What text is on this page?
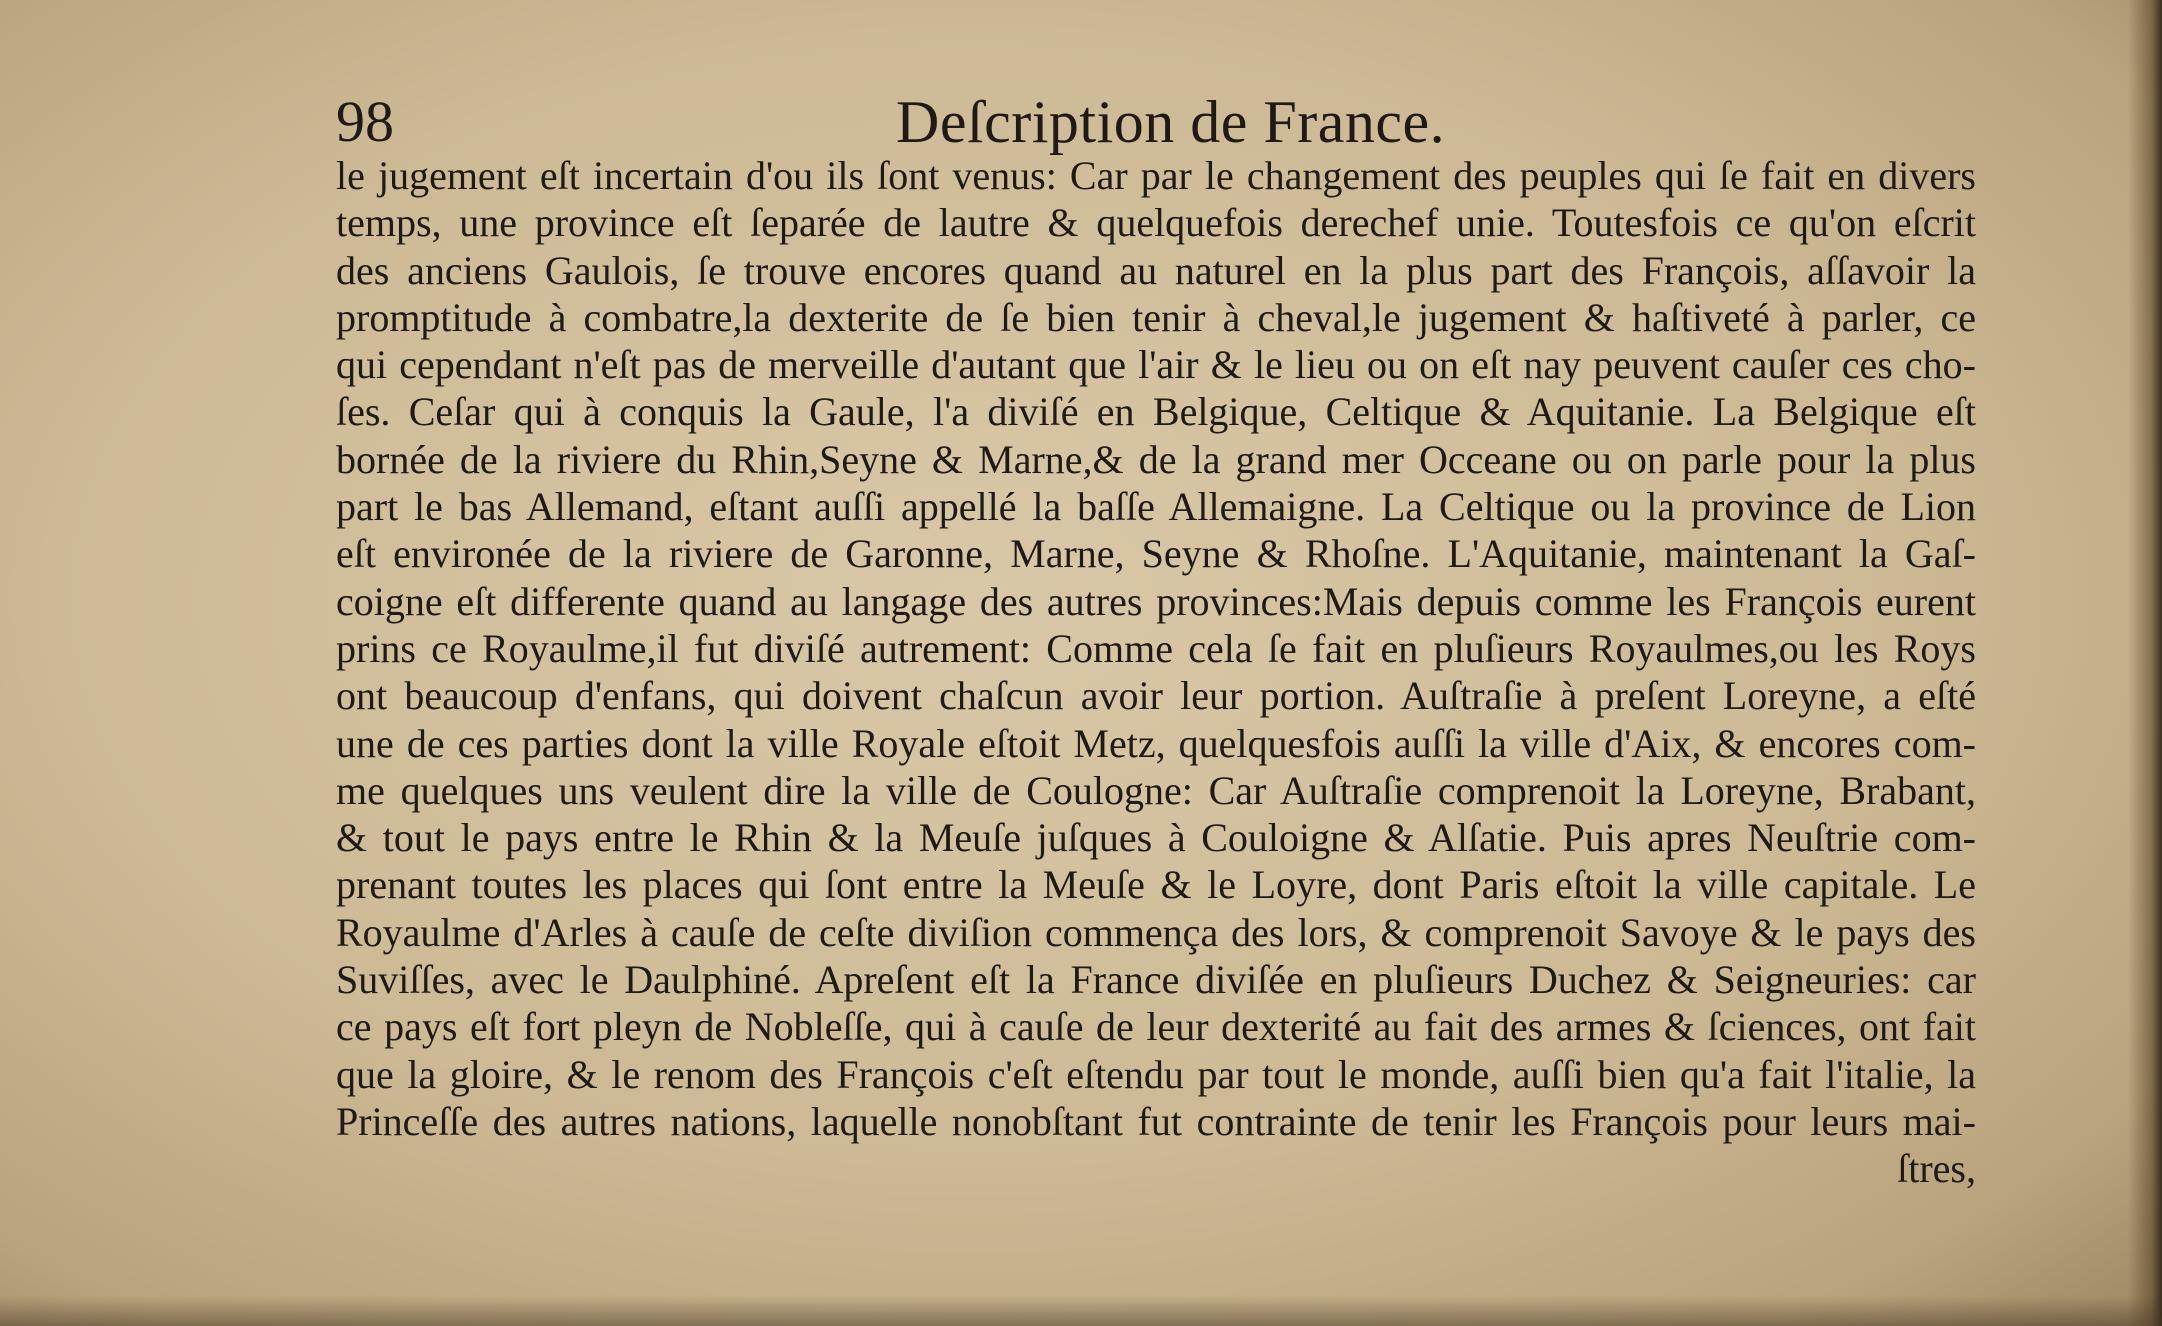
98	Deſcription de France.
le jugement eſt incertain d'ou ils ſont venus: Car par le changement des peuples qui ſe fait en divers
temps, une province eſt ſeparée de lautre & quelquefois derechef unie. Toutesfois ce qu'on eſcrit
des anciens Gaulois, ſe trouve encores quand au naturel en la plus part des François, aſſavoir la
promptitude à combatre,la dexterite de ſe bien tenir à cheval,le jugement & haſtiveté à parler, ce
qui cependant n'eſt pas de merveille d'autant que l'air & le lieu ou on eſt nay peuvent cauſer ces cho-
ſes. Ceſar qui à conquis la Gaule, l'a diviſé en Belgique, Celtique & Aquitanie. La Belgique eſt
bornée de la riviere du Rhin,Seyne & Marne,& de la grand mer Occeane ou on parle pour la plus
part le bas Allemand, eſtant auſſi appellé la baſſe Allemaigne. La Celtique ou la province de Lion
eſt environée de la riviere de Garonne, Marne, Seyne & Rhoſne. L'Aquitanie, maintenant la Gaſ-
coigne eſt differente quand au langage des autres provinces:Mais depuis comme les François eurent
prins ce Royaulme,il fut diviſé autrement: Comme cela ſe fait en pluſieurs Royaulmes,ou les Roys
ont beaucoup d'enfans, qui doivent chaſcun avoir leur portion. Auſtraſie à preſent Loreyne, a eſté
une de ces parties dont la ville Royale eſtoit Metz, quelquesfois auſſi la ville d'Aix, & encores com-
me quelques uns veulent dire la ville de Coulogne: Car Auſtraſie comprenoit la Loreyne, Brabant,
& tout le pays entre le Rhin & la Meuſe juſques à Couloigne & Alſatie. Puis apres Neuſtrie com-
prenant toutes les places qui ſont entre la Meuſe & le Loyre, dont Paris eſtoit la ville capitale. Le
Royaulme d'Arles à cauſe de ceſte diviſion commença des lors, & comprenoit Savoye & le pays des
Suviſſes, avec le Daulphiné. Apreſent eſt la France diviſée en pluſieurs Duchez & Seigneuries: car
ce pays eſt fort pleyn de Nobleſſe, qui à cauſe de leur dexterité au fait des armes & ſciences, ont fait
que la gloire, & le renom des François c'eſt eſtendu par tout le monde, auſſi bien qu'a fait l'italie, la
Princeſſe des autres nations, laquelle nonobſtant fut contrainte de tenir les François pour leurs mai-
ſtres,
